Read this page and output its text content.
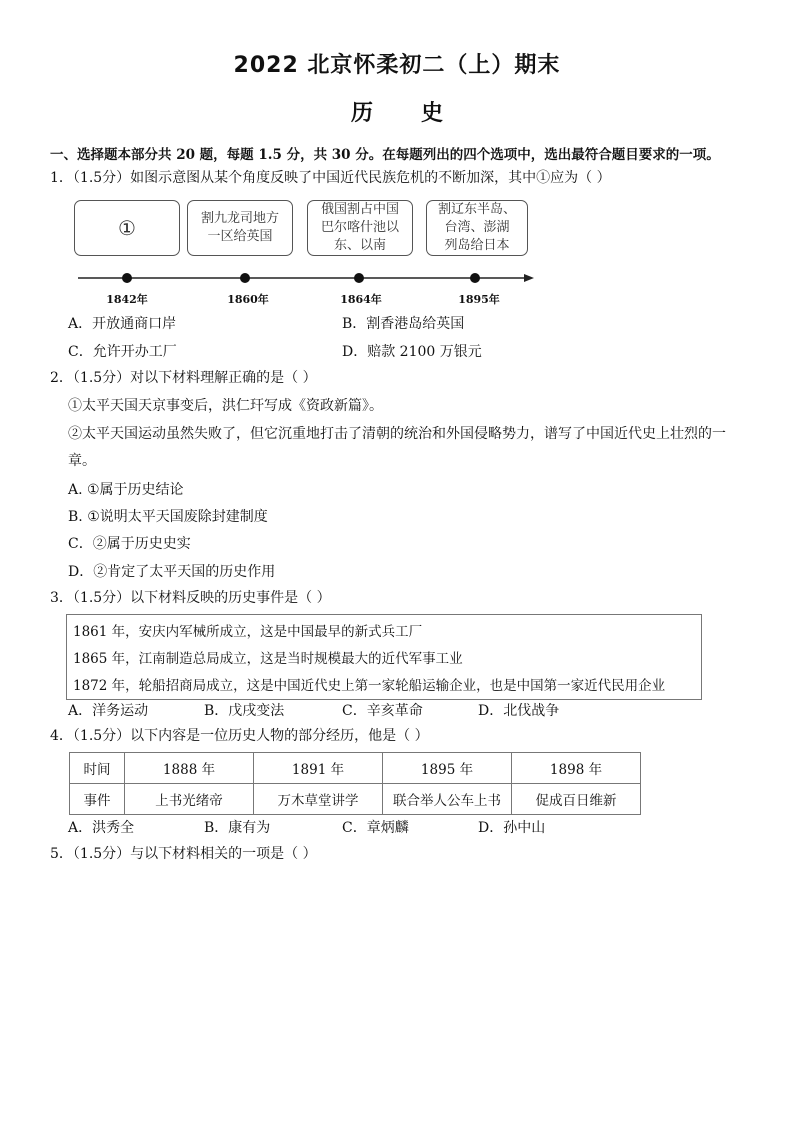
2022 北京怀柔初二（上）期末
历史
一、选择题本部分共 20 题，每题 1.5 分，共 30 分。在每题列出的四个选项中，选出最符合题目要求的一项。
1．（1.5分）如图示意图从某个角度反映了中国近代民族危机的不断加深，其中①应为（ ）
①	割九龙司地方
一区给英国
俄国割占中国
巴尔喀什池以
东、以南
割辽东半岛、
台湾、澎湖
列岛给日本
1842年	1860年	1864年	1895年
A．开放通商口岸	B．割香港岛给英国
C．允许开办工厂	D．赔款 2100 万银元
2．（1.5分）对以下材料理解正确的是（ ）
①太平天国天京事变后，洪仁玕写成《资政新篇》。
②太平天国运动虽然失败了，但它沉重地打击了清朝的统治和外国侵略势力，谱写了中国近代史上壮烈的一
章。
A. ①属于历史结论
B. ①说明太平天国废除封建制度
C．②属于历史史实
D．②肯定了太平天国的历史作用
3．（1.5分）以下材料反映的历史事件是（ ）
1861 年，安庆内军械所成立，这是中国最早的新式兵工厂
1865 年，江南制造总局成立，这是当时规模最大的近代军事工业
1872 年，轮船招商局成立，这是中国近代史上第一家轮船运输企业，也是中国第一家近代民用企业
A．洋务运动	B．戊戌变法	C．辛亥革命	D．北伐战争
4．（1.5分）以下内容是一位历史人物的部分经历，他是（ ）
时间	1888 年	1891 年	1895 年	1898 年
事件	上书光绪帝	万木草堂讲学	联合举人公车上书	促成百日维新
A．洪秀全	B．康有为	C．章炳麟	D．孙中山
5．（1.5分）与以下材料相关的一项是（ ）
